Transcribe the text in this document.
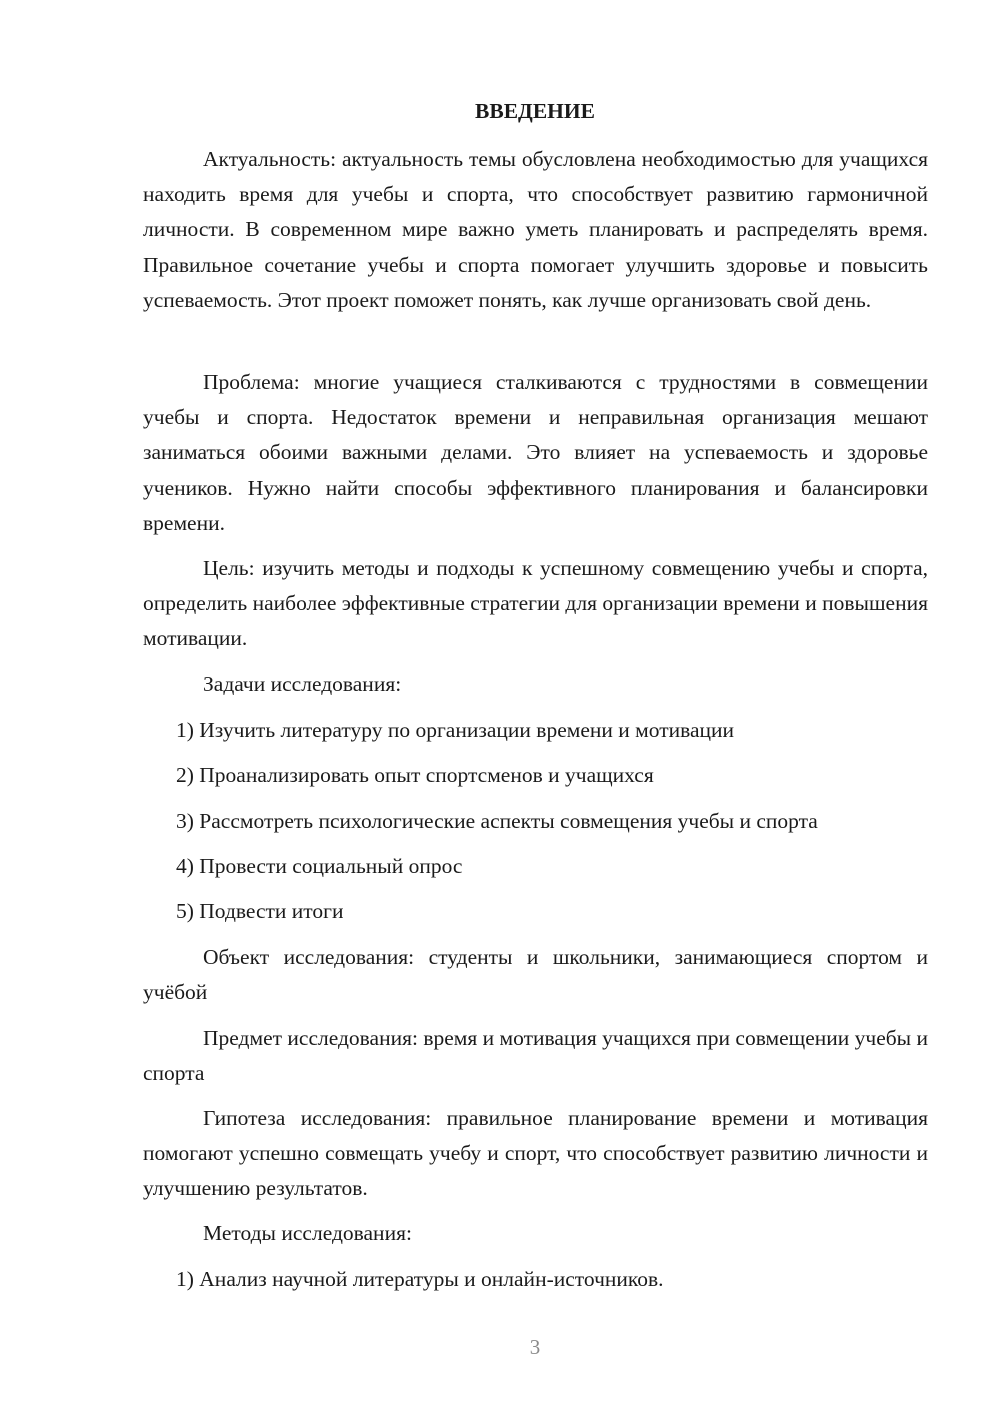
ВВЕДЕНИЕ
Актуальность: актуальность темы обусловлена необходимостью для учащихся находить время для учебы и спорта, что способствует развитию гармоничной личности. В современном мире важно уметь планировать и распределять время. Правильное сочетание учебы и спорта помогает улучшить здоровье и повысить успеваемость. Этот проект поможет понять, как лучше организовать свой день.
Проблема: многие учащиеся сталкиваются с трудностями в совмещении учебы и спорта. Недостаток времени и неправильная организация мешают заниматься обоими важными делами. Это влияет на успеваемость и здоровье учеников. Нужно найти способы эффективного планирования и балансировки времени.
Цель: изучить методы и подходы к успешному совмещению учебы и спорта, определить наиболее эффективные стратегии для организации времени и повышения мотивации.
Задачи исследования:
1) Изучить литературу по организации времени и мотивации
2) Проанализировать опыт спортсменов и учащихся
3) Рассмотреть психологические аспекты совмещения учебы и спорта
4) Провести социальный опрос
5) Подвести итоги
Объект исследования: студенты и школьники, занимающиеся спортом и учёбой
Предмет исследования: время и мотивация учащихся при совмещении учебы и спорта
Гипотеза исследования: правильное планирование времени и мотивация помогают успешно совмещать учебу и спорт, что способствует развитию личности и улучшению результатов.
Методы исследования:
1) Анализ научной литературы и онлайн-источников.
3
